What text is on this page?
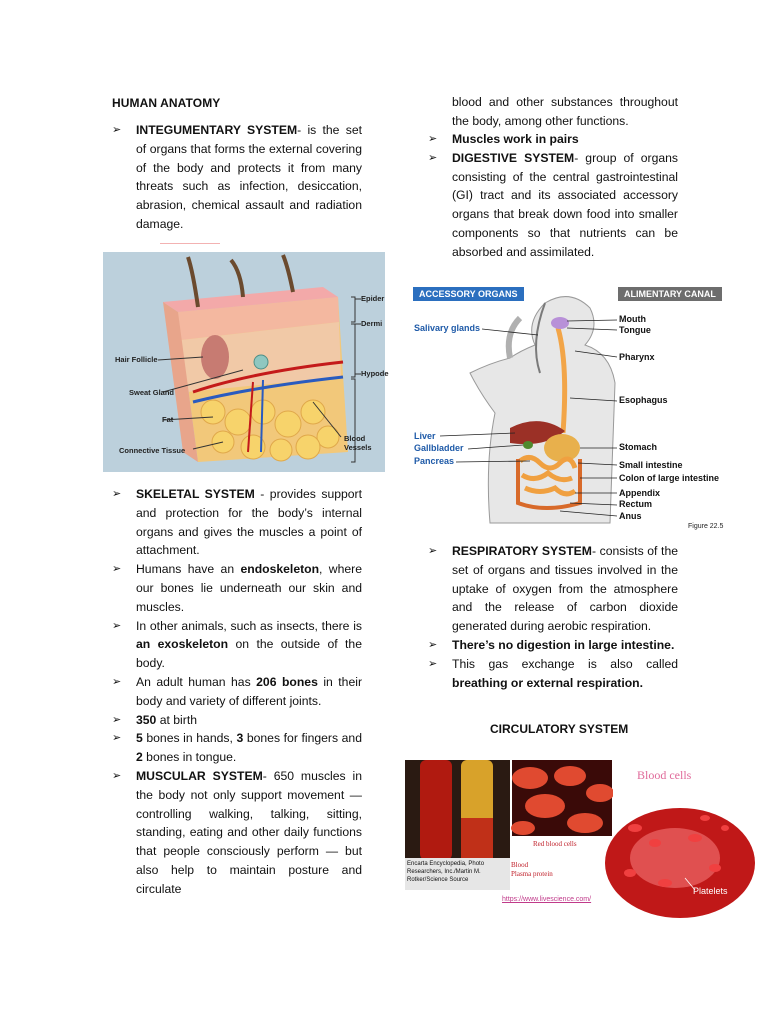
HUMAN ANATOMY
➢ INTEGUMENTARY SYSTEM- is the set of organs that forms the external covering of the body and protects it from many threats such as infection, desiccation, abrasion, chemical assault and radiation damage.
Epider
Dermi
Hypode
Hair Follicle
Sweat Gland
Fat
Connective Tissue
Blood
Vessels
➢ SKELETAL SYSTEM - provides support and protection for the body’s internal organs and gives the muscles a point of attachment.
➢ Humans have an endoskeleton, where our bones lie underneath our skin and muscles.
➢ In other animals, such as insects, there is an exoskeleton on the outside of the body.
➢ An adult human has 206 bones in their body and variety of different joints.
➢ 350 at birth
➢ 5 bones in hands, 3 bones for fingers and 2 bones in tongue.
➢ MUSCULAR SYSTEM- 650 muscles in the body not only support movement — controlling walking, talking, sitting, standing, eating and other daily functions that people consciously perform — but also help to maintain posture and circulate
blood and other substances throughout the body, among other functions.
➢ Muscles work in pairs
➢ DIGESTIVE SYSTEM- group of organs consisting of the central gastrointestinal (GI) tract and its associated accessory organs that break down food into smaller components so that nutrients can be absorbed and assimilated.
ACCESSORY ORGANS	ALIMENTARY CANAL
Salivary glands
Liver
Gallbladder
Pancreas
Mouth
Tongue
Pharynx
Esophagus
Stomach
Small intestine
Colon of large intestine
Appendix
Rectum
Anus
Figure 22.5
➢ RESPIRATORY SYSTEM- consists of the set of organs and tissues involved in the uptake of oxygen from the atmosphere and the release of carbon dioxide generated during aerobic respiration.
➢ There’s no digestion in large intestine.
➢ This gas exchange is also called breathing or external respiration.
CIRCULATORY SYSTEM
Blood cells
Red blood cells
Blood
Plasma protein
Platelets
Encarta Encyclopedia, Photo
Researchers, Inc./Martin M.
Rotker/Science Source
https://www.livescience.com/
